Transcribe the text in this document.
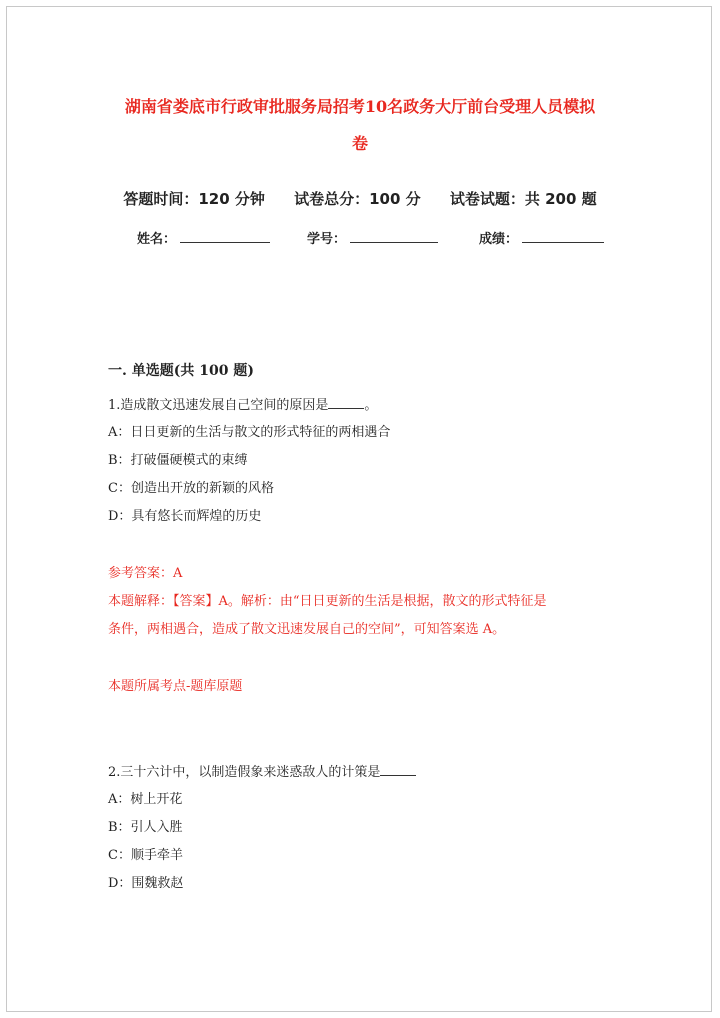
湖南省娄底市行政审批服务局招考10名政务大厅前台受理人员模拟
卷
答题时间：120 分钟 试卷总分：100 分 试卷试题：共 200 题
姓名：	学号：	成绩：
一. 单选题(共 100 题)
1.造成散文迅速发展自己空间的原因是	。
A：日日更新的生活与散文的形式特征的两相遇合
B：打破僵硬模式的束缚
C：创造出开放的新颖的风格
D：具有悠长而辉煌的历史
参考答案：A
本题解释：【答案】A。解析：由“日日更新的生活是根据，散文的形式特征是
条件，两相遇合，造成了散文迅速发展自己的空间”，可知答案选 A。
本题所属考点-题库原题
2.三十六计中，以制造假象来迷惑敌人的计策是
A：树上开花
B：引人入胜
C：顺手牵羊
D：围魏救赵
